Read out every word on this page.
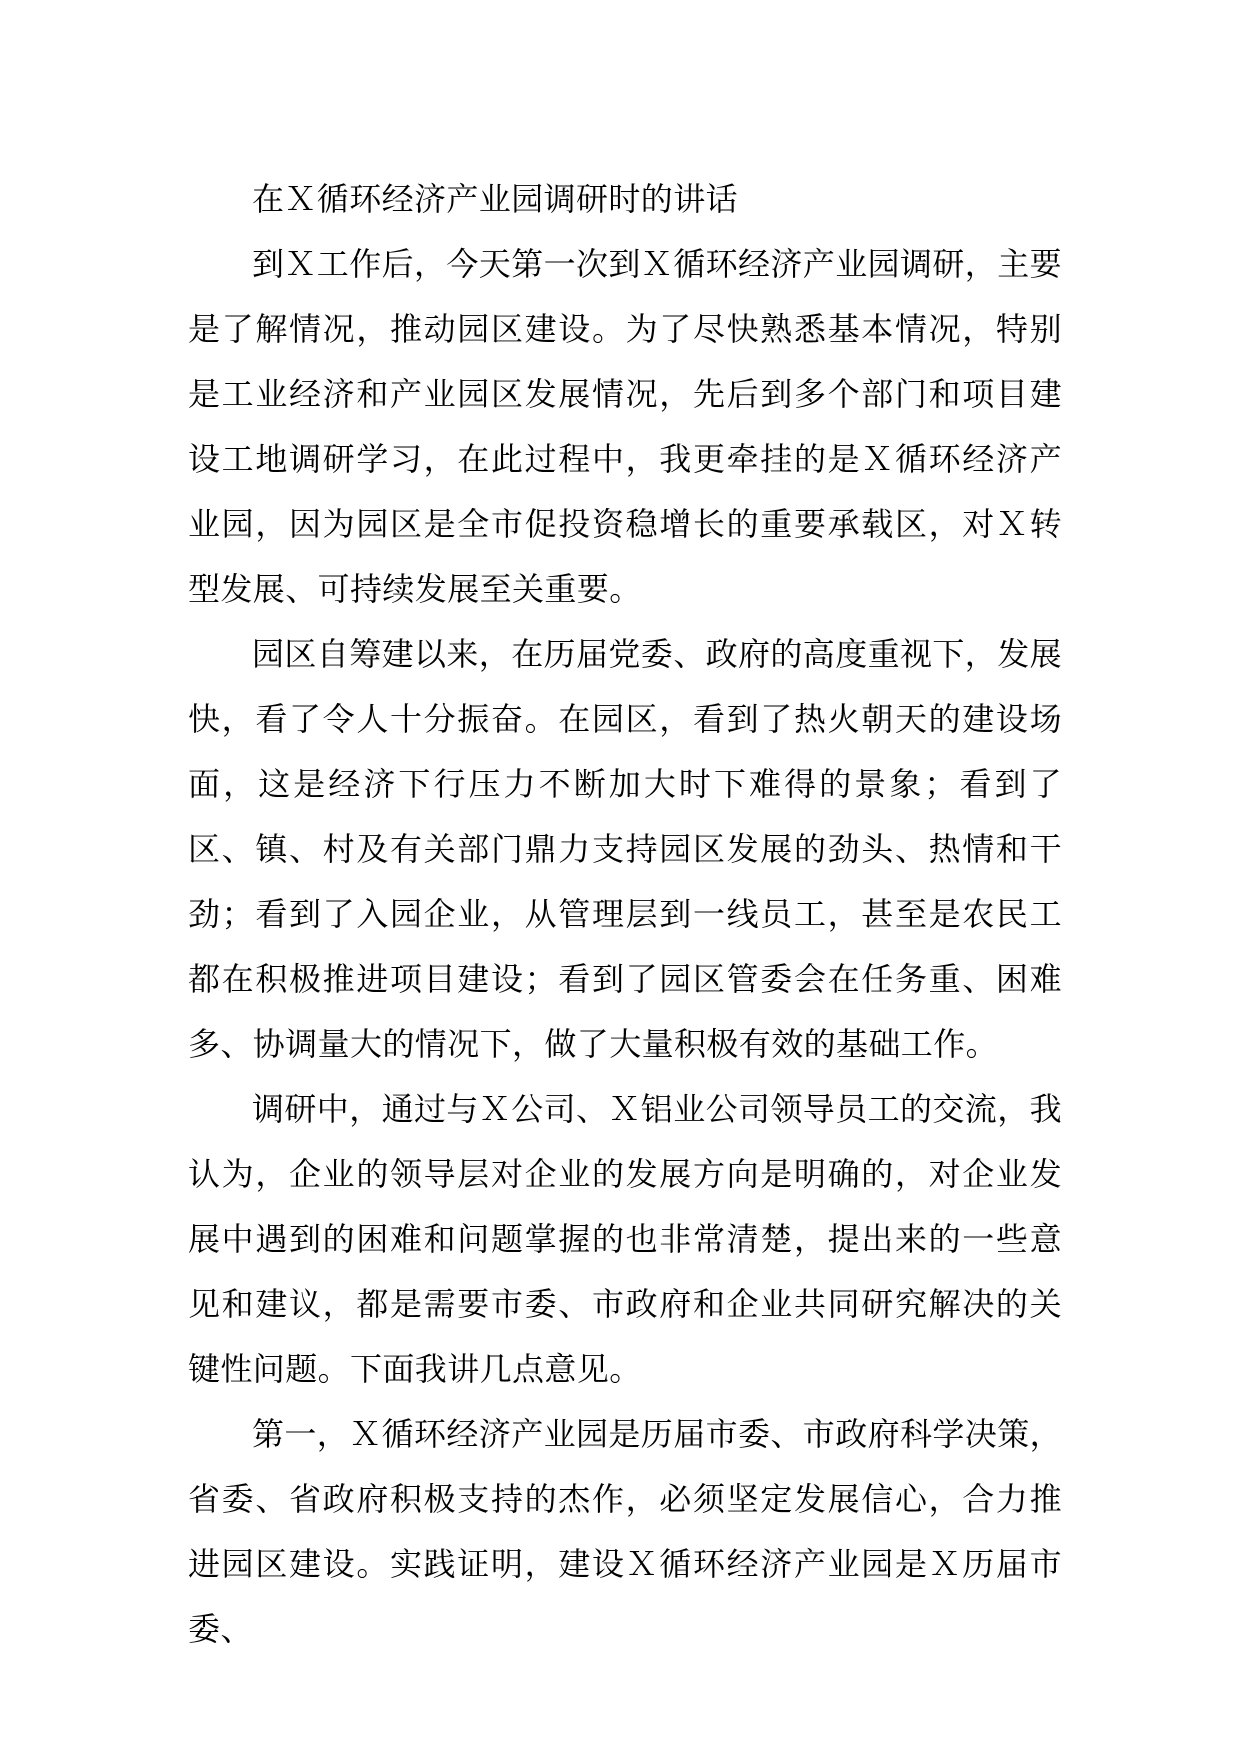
在Ｘ循环经济产业园调研时的讲话

到Ｘ工作后，今天第一次到Ｘ循环经济产业园调研，主要是了解情况，推动园区建设。为了尽快熟悉基本情况，特别是工业经济和产业园区发展情况，先后到多个部门和项目建设工地调研学习，在此过程中，我更牵挂的是Ｘ循环经济产业园，因为园区是全市促投资稳增长的重要承载区，对Ｘ转型发展、可持续发展至关重要。

园区自筹建以来，在历届党委、政府的高度重视下，发展快，看了令人十分振奋。在园区，看到了热火朝天的建设场面，这是经济下行压力不断加大时下难得的景象；看到了区、镇、村及有关部门鼎力支持园区发展的劲头、热情和干劲；看到了入园企业，从管理层到一线员工，甚至是农民工都在积极推进项目建设；看到了园区管委会在任务重、困难多、协调量大的情况下，做了大量积极有效的基础工作。

调研中，通过与Ｘ公司、Ｘ铝业公司领导员工的交流，我认为，企业的领导层对企业的发展方向是明确的，对企业发展中遇到的困难和问题掌握的也非常清楚，提出来的一些意见和建议，都是需要市委、市政府和企业共同研究解决的关键性问题。下面我讲几点意见。

第一，Ｘ循环经济产业园是历届市委、市政府科学决策，省委、省政府积极支持的杰作，必须坚定发展信心，合力推进园区建设。实践证明，建设Ｘ循环经济产业园是Ｘ历届市委、
